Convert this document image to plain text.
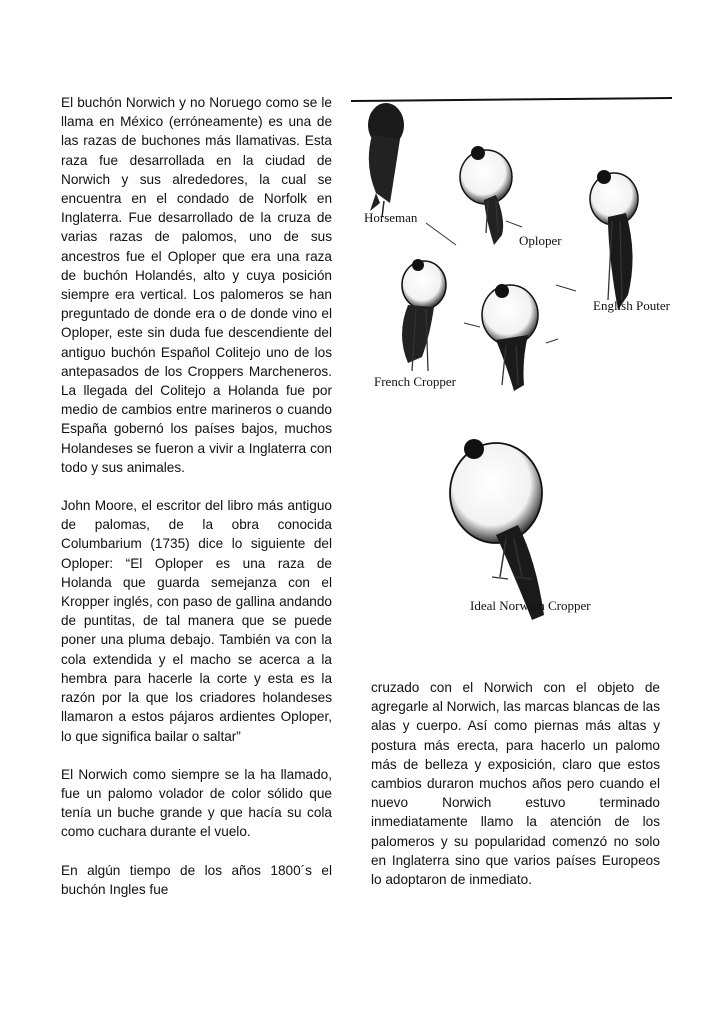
El buchón Norwich y no Noruego como se le llama en México (erróneamente) es una de las razas de buchones más llamativas. Esta raza fue desarrollada en la ciudad de Norwich y sus alrededores, la cual se encuentra en el condado de Norfolk en Inglaterra. Fue desarrollado de la cruza de varias razas de palomos, uno de sus ancestros fue el Oploper que era una raza de buchón Holandés, alto y cuya posición siempre era vertical. Los palomeros se han preguntado de donde era o de donde vino el Oploper, este sin duda fue descendiente del antiguo buchón Español Colitejo uno de los antepasados de los Croppers Marcheneros. La llegada del Colitejo a Holanda fue por medio de cambios entre marineros o cuando España gobernó los países bajos, muchos Holandeses se fueron a vivir a Inglaterra con todo y sus animales.

John Moore, el escritor del libro más antiguo de palomas, de la obra conocida Columbarium (1735) dice lo siguiente del Oploper: “El Oploper es una raza de Holanda que guarda semejanza con el Kropper inglés, con paso de gallina andando de puntitas, de tal manera que se puede poner una pluma debajo. También va con la cola extendida y el macho se acerca a la hembra para hacerle la corte y esta es la razón por la que los criadores holandeses llamaron a estos pájaros ardientes Oploper, lo que significa bailar o saltar”

El Norwich como siempre se la ha llamado, fue un palomo volador de color sólido que tenía un buche grande y que hacía su cola como cuchara durante el vuelo.

En algún tiempo de los años 1800´s el buchón Ingles fue

Horseman
Oploper
English Pouter
French Cropper
Ideal Norwich Cropper

cruzado con el Norwich con el objeto de agregarle al Norwich, las marcas blancas de las alas y cuerpo. Así como piernas más altas y postura más erecta, para hacerlo un palomo más de belleza y exposición, claro que estos cambios duraron muchos años pero cuando el nuevo Norwich estuvo terminado inmediatamente llamo la atención de los palomeros y su popularidad comenzó no solo en Inglaterra sino que varios países Europeos lo adoptaron de inmediato.
